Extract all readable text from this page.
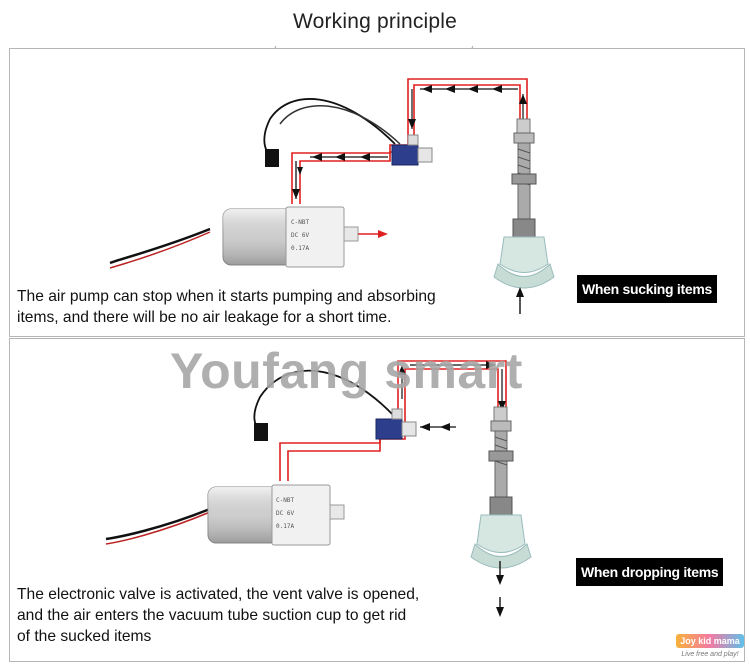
Working principle
C-NBT
DC 6V
0.17A
The air pump can stop when it starts pumping and absorbing
items, and there will be no air leakage for a short time.
When sucking items
C-NBT
DC 6V
0.17A
The electronic valve is activated, the vent valve is opened,
and the air enters the vacuum tube suction cup to get rid
of the sucked items
When dropping items
Youfang smart
Joy kid mama
Live free and play!
